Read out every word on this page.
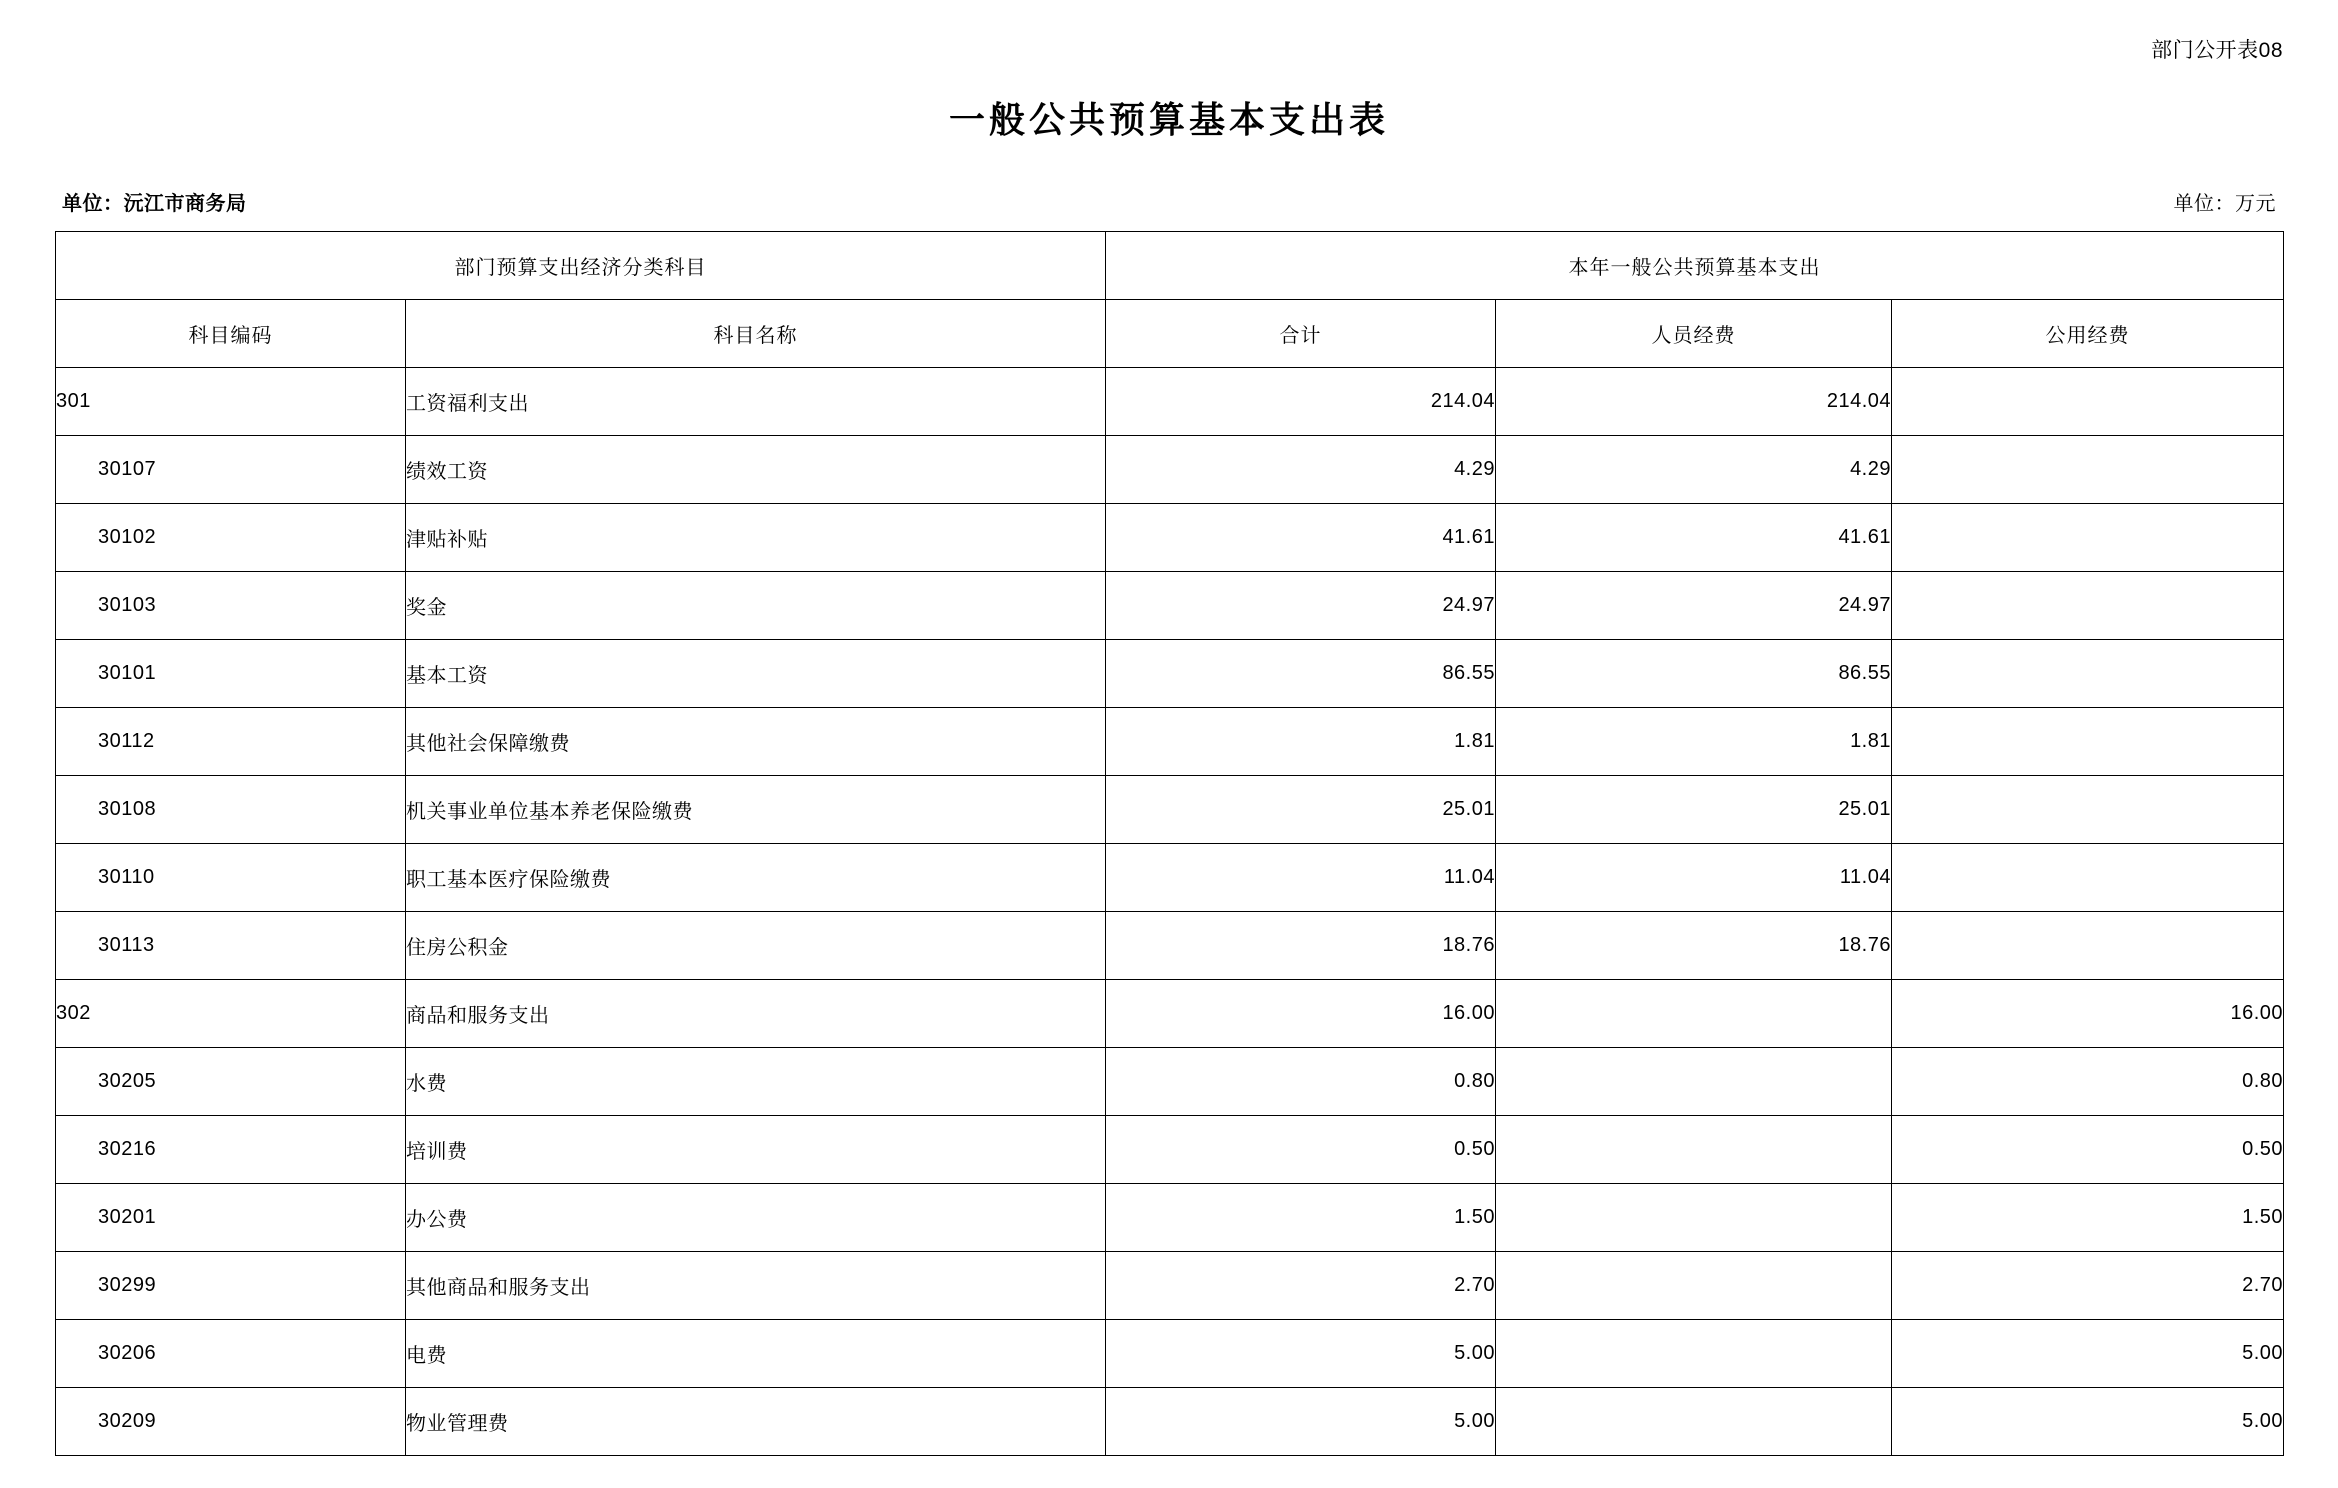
部门公开表08
一般公共预算基本支出表
单位：沅江市商务局	单位：万元
部门预算支出经济分类科目		本年一般公共预算基本支出		
科目编码	科目名称	合计	人员经费	公用经费
301	工资福利支出	214.04	214.04	
30107	绩效工资	4.29	4.29	
30102	津贴补贴	41.61	41.61	
30103	奖金	24.97	24.97	
30101	基本工资	86.55	86.55	
30112	其他社会保障缴费	1.81	1.81	
30108	机关事业单位基本养老保险缴费	25.01	25.01	
30110	职工基本医疗保险缴费	11.04	11.04	
30113	住房公积金	18.76	18.76	
302	商品和服务支出	16.00		16.00
30205	水费	0.80		0.80
30216	培训费	0.50		0.50
30201	办公费	1.50		1.50
30299	其他商品和服务支出	2.70		2.70
30206	电费	5.00		5.00
30209	物业管理费	5.00		5.00
